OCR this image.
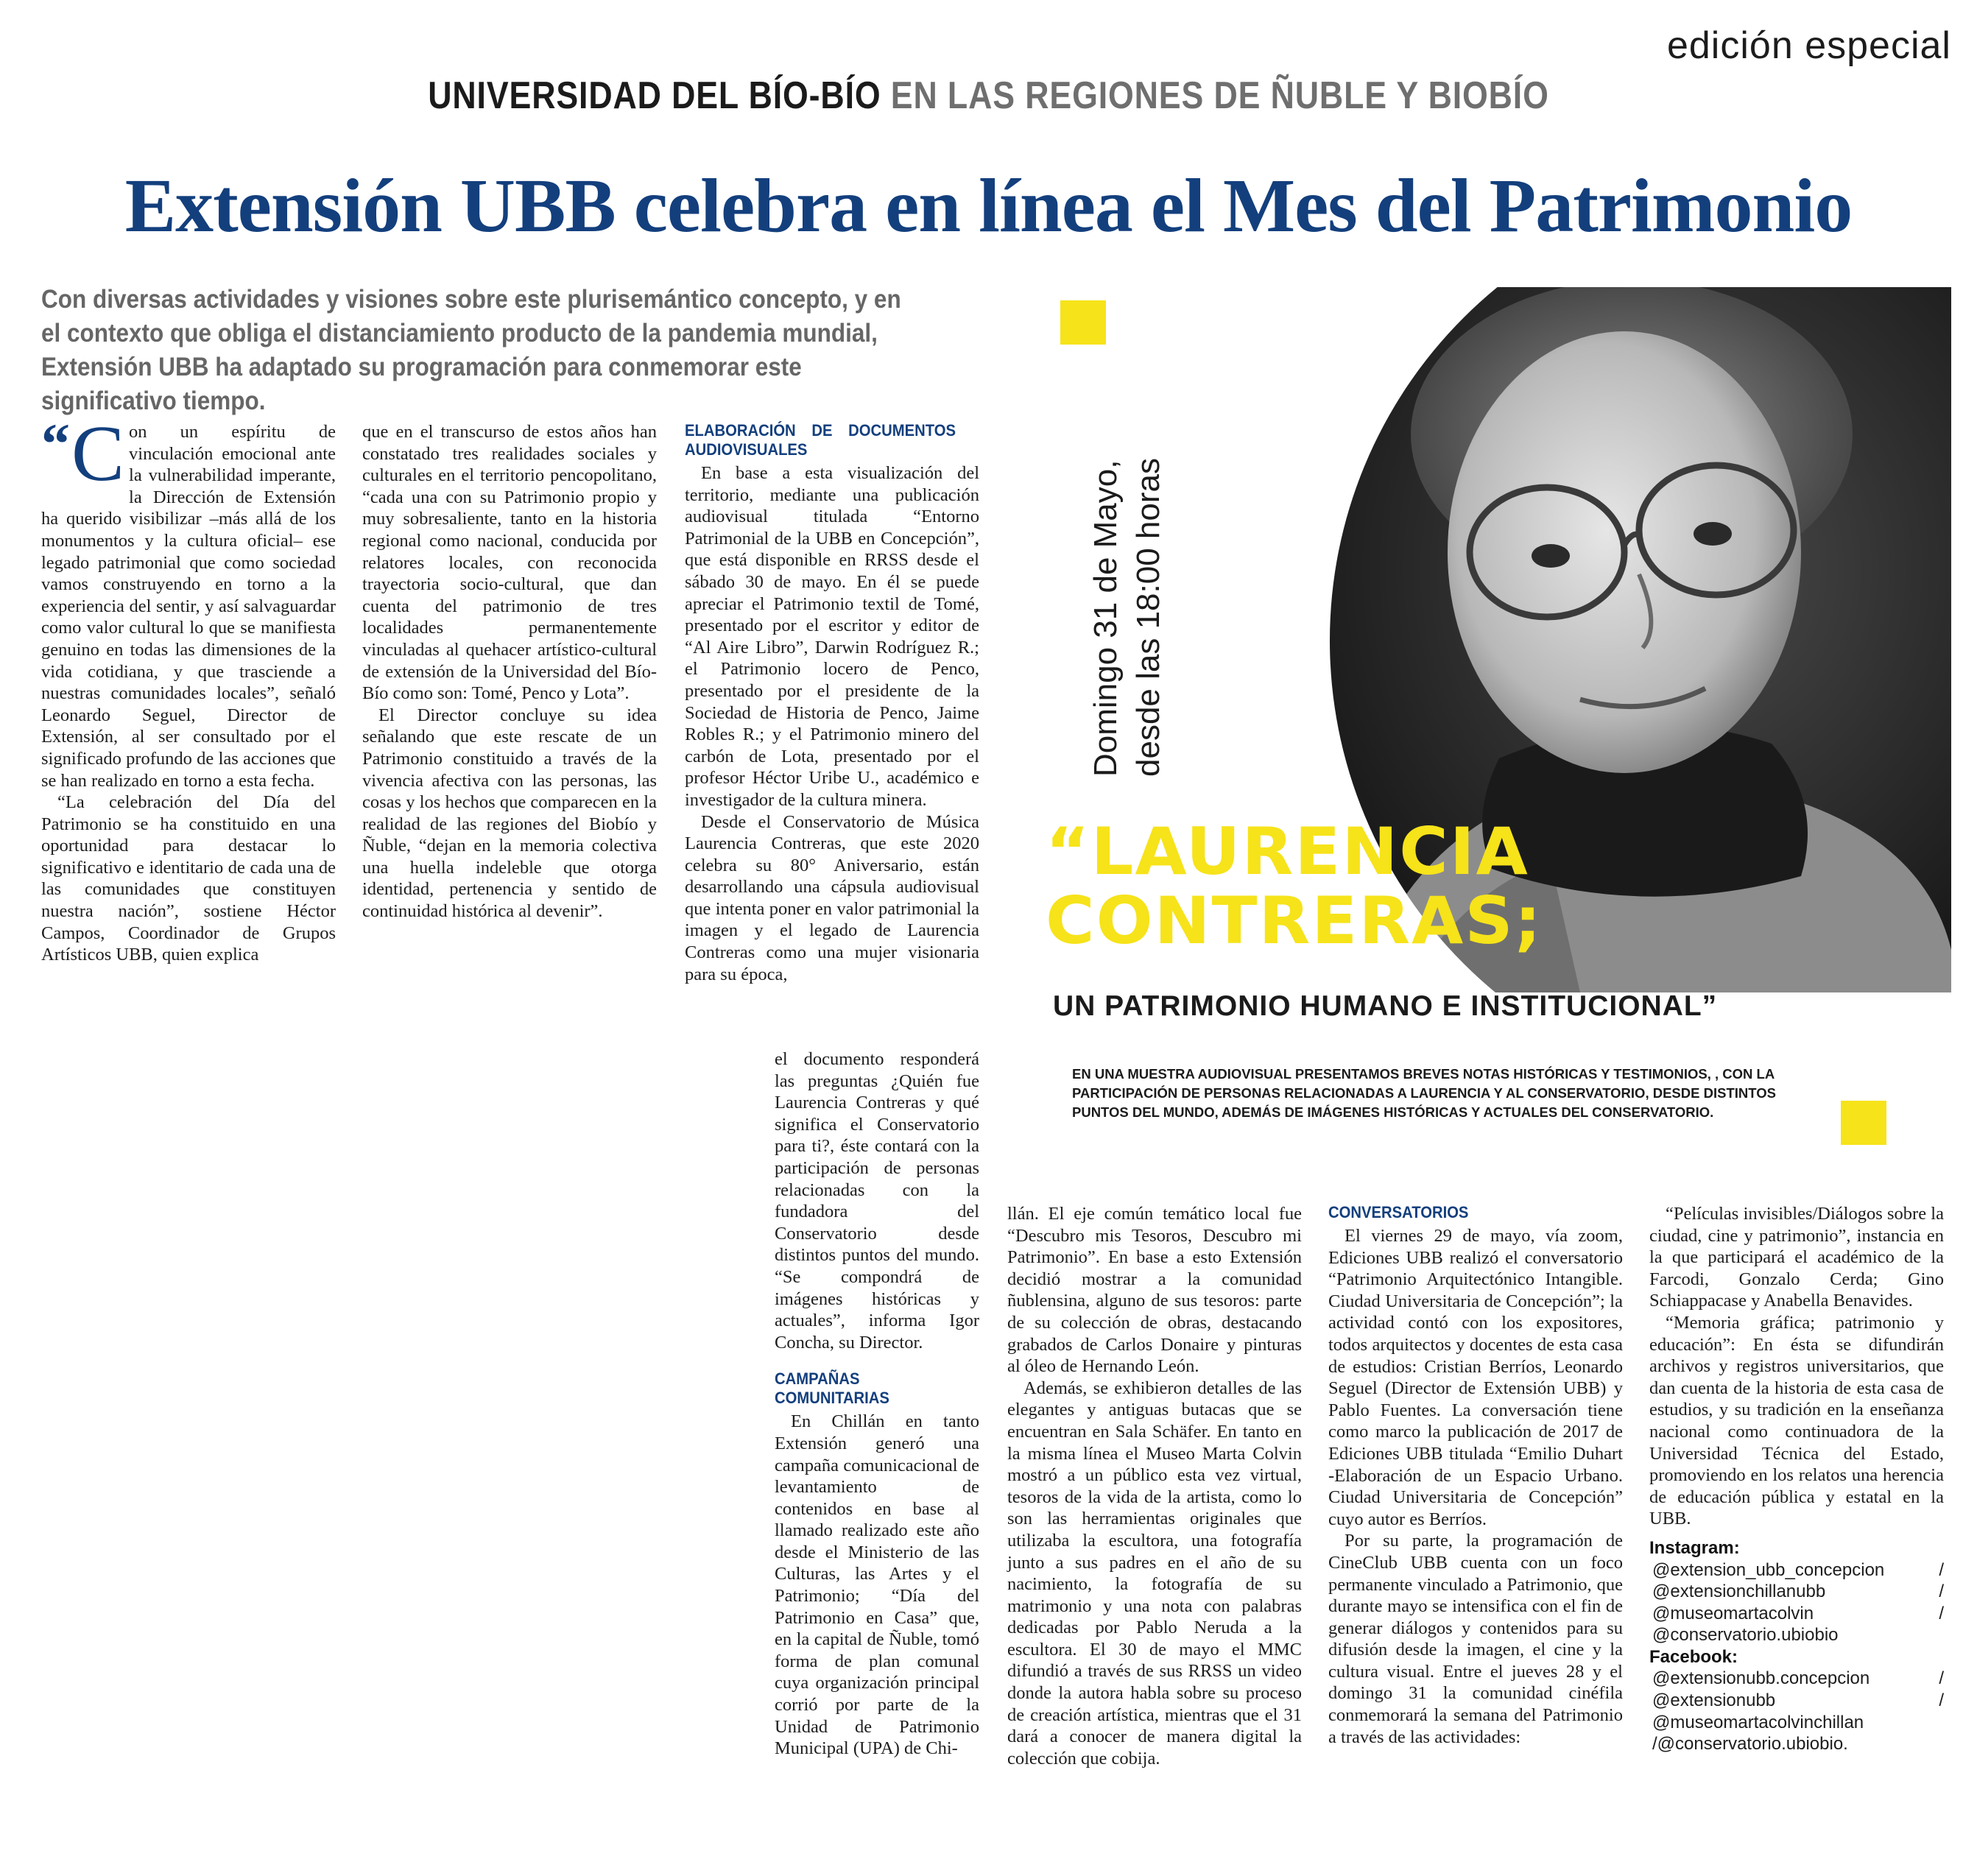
edición especial
UNIVERSIDAD DEL BÍO-BÍO EN LAS REGIONES DE ÑUBLE Y BIOBÍO
Extensión UBB celebra en línea el Mes del Patrimonio
Con diversas actividades y visiones sobre este plurisemántico concepto, y en el contexto que obliga el distanciamiento producto de la pandemia mundial, Extensión UBB ha adaptado su programación para conmemorar este significativo tiempo.

“ C on un espíritu de vinculación emocional ante la vulnerabilidad imperante, la Dirección de Extensión ha querido visibilizar –más allá de los monumentos y la cultura oficial– ese legado patrimonial que como sociedad vamos construyendo en torno a la experiencia del sentir, y así salvaguardar como valor cultural lo que se manifiesta genuino en todas las dimensiones de la vida cotidiana, y que trasciende a nuestras comunidades locales”, señaló Leonardo Seguel, Director de Extensión, al ser consultado por el significado profundo de las acciones que se han realizado en torno a esta fecha.

“La celebración del Día del Patrimonio se ha constituido en una oportunidad para destacar lo significativo e identitario de cada una de las comunidades que constituyen nuestra nación”, sostiene Héctor Campos, Coordinador de Grupos Artísticos UBB, quien explica

que en el transcurso de estos años han constatado tres realidades sociales y culturales en el territorio pencopolitano, “cada una con su Patrimonio propio y muy sobresaliente, tanto en la historia regional como nacional, conducida por relatores locales, con reconocida trayectoria socio-cultural, que dan cuenta del patrimonio de tres localidades permanentemente vinculadas al quehacer artístico-cultural de extensión de la Universidad del Bío-Bío como son: Tomé, Penco y Lota”.

El Director concluye su idea señalando que este rescate de un Patrimonio constituido a través de la vivencia afectiva con las personas, las cosas y los hechos que comparecen en la realidad de las regiones del Biobío y Ñuble, “dejan en la memoria colectiva una huella indeleble que otorga identidad, pertenencia y sentido de continuidad histórica al devenir”.

ELABORACIÓN DE DOCUMENTOS AUDIOVISUALES

En base a esta visualización del territorio, mediante una publicación audiovisual titulada “Entorno Patrimonial de la UBB en Concepción”, que está disponible en RRSS desde el sábado 30 de mayo. En él se puede apreciar el Patrimonio textil de Tomé, presentado por el escritor y editor de “Al Aire Libro”, Darwin Rodríguez R.; el Patrimonio locero de Penco, presentado por el presidente de la Sociedad de Historia de Penco, Jaime Robles R.; y el Patrimonio minero del carbón de Lota, presentado por el profesor Héctor Uribe U., académico e investigador de la cultura minera.

Desde el Conservatorio de Música Laurencia Contreras, que este 2020 celebra su 80° Aniversario, están desarrollando una cápsula audiovisual que intenta poner en valor patrimonial la imagen y el legado de Laurencia Contreras como una mujer visionaria para su época,

el documento responderá las preguntas ¿Quién fue Laurencia Contreras y qué significa el Conservatorio para ti?, éste contará con la participación de personas relacionadas con la fundadora del Conservatorio desde distintos puntos del mundo. “Se compondrá de imágenes históricas y actuales”, informa Igor Concha, su Director.

CAMPAÑAS COMUNITARIAS

En Chillán en tanto Extensión generó una campaña comunicacional de levantamiento de contenidos en base al llamado realizado este año desde el Ministerio de las Culturas, las Artes y el Patrimonio; “Día del Patrimonio en Casa” que, en la capital de Ñuble, tomó forma de plan comunal cuya organización principal corrió por parte de la Unidad de Patrimonio Municipal (UPA) de Chi-

llán. El eje común temático local fue “Descubro mis Tesoros, Descubro mi Patrimonio”. En base a esto Extensión decidió mostrar a la comunidad ñublensina, alguno de sus tesoros: parte de su colección de obras, destacando grabados de Carlos Donaire y pinturas al óleo de Hernando León.

Además, se exhibieron detalles de las elegantes y antiguas butacas que se encuentran en Sala Schäfer. En tanto en la misma línea el Museo Marta Colvin mostró a un público esta vez virtual, tesoros de la vida de la artista, como lo son las herramientas originales que utilizaba la escultora, una fotografía junto a sus padres en el año de su nacimiento, la fotografía de su matrimonio y una nota con palabras dedicadas por Pablo Neruda a la escultora. El 30 de mayo el MMC difundió a través de sus RRSS un video donde la autora habla sobre su proceso de creación artística, mientras que el 31 dará a conocer de manera digital la colección que cobija.

CONVERSATORIOS

El viernes 29 de mayo, vía zoom, Ediciones UBB realizó el conversatorio “Patrimonio Arquitectónico Intangible. Ciudad Universitaria de Concepción”; la actividad contó con los expositores, todos arquitectos y docentes de esta casa de estudios: Cristian Berríos, Leonardo Seguel (Director de Extensión UBB) y Pablo Fuentes. La conversación tiene como marco la publicación de 2017 de Ediciones UBB titulada “Emilio Duhart -Elaboración de un Espacio Urbano. Ciudad Universitaria de Concepción” cuyo autor es Berríos.

Por su parte, la programación de CineClub UBB cuenta con un foco permanente vinculado a Patrimonio, que durante mayo se intensifica con el fin de generar diálogos y contenidos para su difusión desde la imagen, el cine y la cultura visual. Entre el jueves 28 y el domingo 31 la comunidad cinéfila conmemorará la semana del Patrimonio a través de las actividades:

“Películas invisibles/Diálogos sobre la ciudad, cine y patrimonio”, instancia en la que participará el académico de la Farcodi, Gonzalo Cerda; Gino Schiappacase y Anabella Benavides.

“Memoria gráfica; patrimonio y educación”: En ésta se difundirán archivos y registros universitarios, que dan cuenta de la historia de esta casa de estudios, y su tradición en la enseñanza nacional como continuadora de la Universidad Técnica del Estado, promoviendo en los relatos una herencia de educación pública y estatal en la UBB.

Instagram:
@extension_ubb_concepcion / @extensionchillanubb / @museomartacolvin / @conservatorio.ubiobio
Facebook:
@extensionubb.concepcion / @extensionubb / @museomartacolvinchillan /@conservatorio.ubiobio.
Domingo 31 de Mayo, desde las 18:00 horas
“LAURENCIA
CONTRERAS;
UN PATRIMONIO HUMANO E INSTITUCIONAL”
EN UNA MUESTRA AUDIOVISUAL PRESENTAMOS BREVES NOTAS HISTÓRICAS Y TESTIMONIOS, , CON LA PARTICIPACIÓN DE PERSONAS RELACIONADAS A LAURENCIA Y AL CONSERVATORIO, DESDE DISTINTOS PUNTOS DEL MUNDO, ADEMÁS DE IMÁGENES HISTÓRICAS Y ACTUALES DEL CONSERVATORIO.
